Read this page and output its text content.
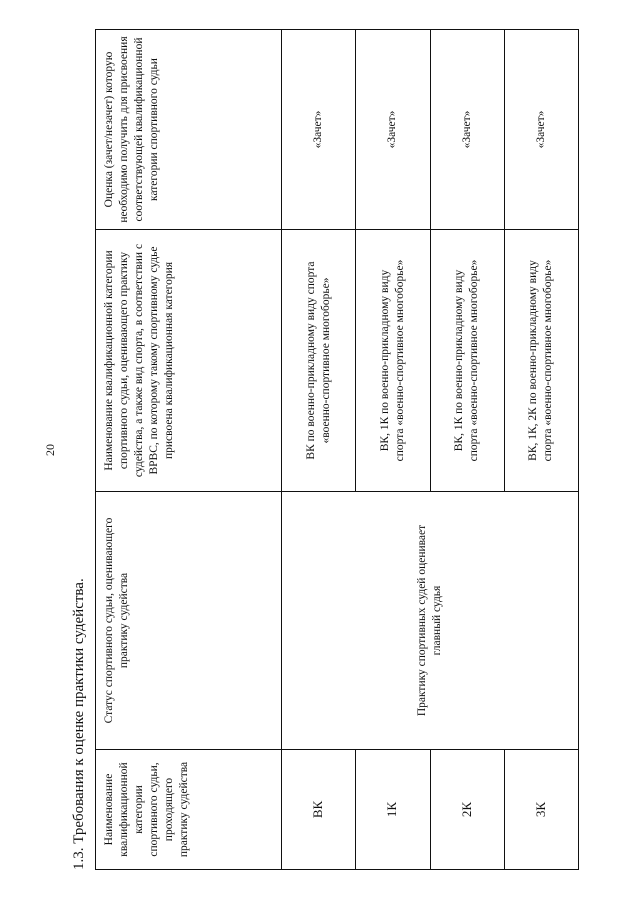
20
1.3. Требования к оценке практики судейства.	Наименование квалификационной категории спортивного судьи, проходящего практику судейства	Статус спортивного судьи, оценивающего практику судейства	Наименование квалификационной категории спортивного судьи, оценивающего практику судейства, а также вид спорта, в соответствии с ВРВС, по которому такому спортивному судье присвоена квалификационная категория	Оценка (зачет/незачет) которую необходимо получить для присвоения соответствующей квалификационной категории спортивного судьи
ВК	Практику спортивных судей оценивает главный судья	ВК по военно-прикладному виду спорта «военно-спортивное многоборье»	«Зачет»
1К		ВК, 1К по военно-прикладному виду спорта «военно-спортивное многоборье»	«Зачет»
2К		ВК, 1К по военно-прикладному виду спорта «военно-спортивное многоборье»	«Зачет»
3К		ВК, 1К, 2К по военно-прикладному виду спорта «военно-спортивное многоборье»	«Зачет»
